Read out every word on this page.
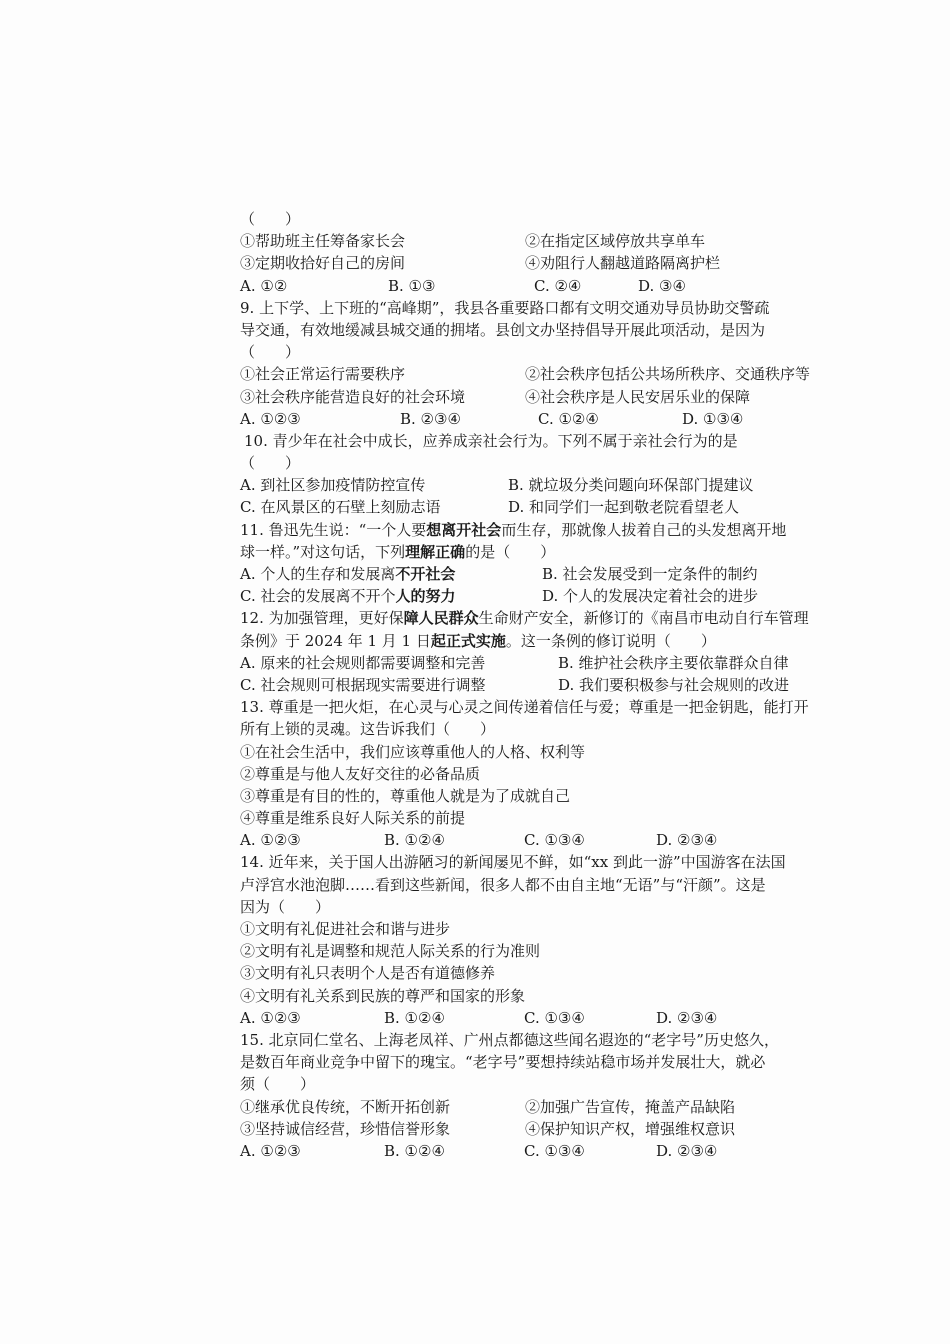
（　　）
①帮助班主任筹备家长会	②在指定区域停放共享单车
③定期收拾好自己的房间	④劝阻行人翻越道路隔离护栏
A. ①②	B. ①③	C. ②④	D. ③④
9. 上下学、上下班的“高峰期”，我县各重要路口都有文明交通劝导员协助交警疏
导交通，有效地缓减县城交通的拥堵。县创文办坚持倡导开展此项活动，是因为
（　　）
①社会正常运行需要秩序	②社会秩序包括公共场所秩序、交通秩序等
③社会秩序能营造良好的社会环境	④社会秩序是人民安居乐业的保障
A. ①②③	B. ②③④	C. ①②④	D. ①③④
10. 青少年在社会中成长，应养成亲社会行为。下列不属于亲社会行为的是
（　　）
A. 到社区参加疫情防控宣传	B. 就垃圾分类问题向环保部门提建议
C. 在风景区的石壁上刻励志语	D. 和同学们一起到敬老院看望老人
11. 鲁迅先生说：“一个人要想离开社会而生存，那就像人拔着自己的头发想离开地
球一样。”对这句话，下列理解正确的是（　　）
A. 个人的生存和发展离不开社会	B. 社会发展受到一定条件的制约
C. 社会的发展离不开个人的努力	D. 个人的发展决定着社会的进步
12. 为加强管理，更好保障人民群众生命财产安全，新修订的《南昌市电动自行车管理
条例》于 2024 年 1 月 1 日起正式实施。这一条例的修订说明（　　）
A. 原来的社会规则都需要调整和完善	B. 维护社会秩序主要依靠群众自律
C. 社会规则可根据现实需要进行调整	D. 我们要积极参与社会规则的改进
13. 尊重是一把火炬，在心灵与心灵之间传递着信任与爱；尊重是一把金钥匙，能打开
所有上锁的灵魂。这告诉我们（　　）
①在社会生活中，我们应该尊重他人的人格、权利等
②尊重是与他人友好交往的必备品质
③尊重是有目的性的，尊重他人就是为了成就自己
④尊重是维系良好人际关系的前提
A. ①②③	B. ①②④	C. ①③④	D. ②③④
14. 近年来，关于国人出游陋习的新闻屡见不鲜，如“xx 到此一游”中国游客在法国
卢浮宫水池泡脚……看到这些新闻，很多人都不由自主地“无语”与“汗颜”。这是
因为（　　）
①文明有礼促进社会和谐与进步
②文明有礼是调整和规范人际关系的行为准则
③文明有礼只表明个人是否有道德修养
④文明有礼关系到民族的尊严和国家的形象
A. ①②③	B. ①②④	C. ①③④	D. ②③④
15. 北京同仁堂名、上海老凤祥、广州点都德这些闻名遐迩的“老字号”历史悠久，
是数百年商业竞争中留下的瑰宝。“老字号”要想持续站稳市场并发展壮大，就必
须（　　）
①继承优良传统，不断开拓创新	②加强广告宣传，掩盖产品缺陷
③坚持诚信经营，珍惜信誉形象	④保护知识产权，增强维权意识
A. ①②③	B. ①②④	C. ①③④	D. ②③④
